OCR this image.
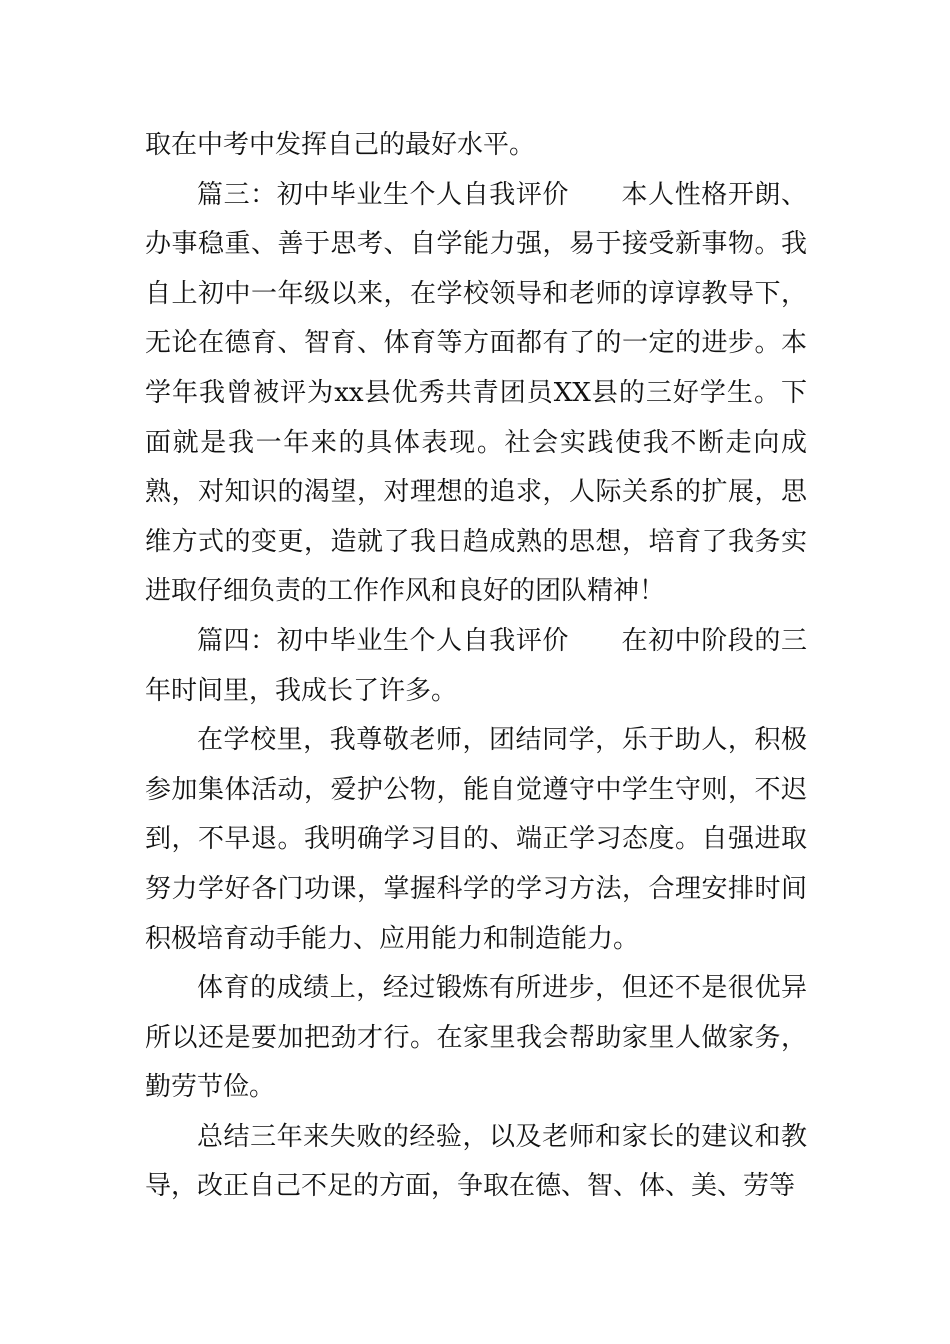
取在中考中发挥自己的最好水平。

篇三：初中毕业生个人自我评价 本人性格开朗、办事稳重、善于思考、自学能力强，易于接受新事物。我自上初中一年级以来，在学校领导和老师的谆谆教导下，无论在德育、智育、体育等方面都有了的一定的进步。本学年我曾被评为xx县优秀共青团员XX县的三好学生。下面就是我一年来的具体表现。社会实践使我不断走向成熟，对知识的渴望，对理想的追求，人际关系的扩展，思维方式的变更，造就了我日趋成熟的思想，培育了我务实进取仔细负责的工作作风和良好的团队精神！

篇四：初中毕业生个人自我评价 在初中阶段的三年时间里，我成长了许多。

在学校里，我尊敬老师，团结同学，乐于助人，积极参加集体活动，爱护公物，能自觉遵守中学生守则，不迟到，不早退。我明确学习目的、端正学习态度。自强进取努力学好各门功课，掌握科学的学习方法，合理安排时间积极培育动手能力、应用能力和制造能力。

体育的成绩上，经过锻炼有所进步，但还不是很优异所以还是要加把劲才行。在家里我会帮助家里人做家务，勤劳节俭。

总结三年来失败的经验，以及老师和家长的建议和教导，改正自己不足的方面，争取在德、智、体、美、劳等
